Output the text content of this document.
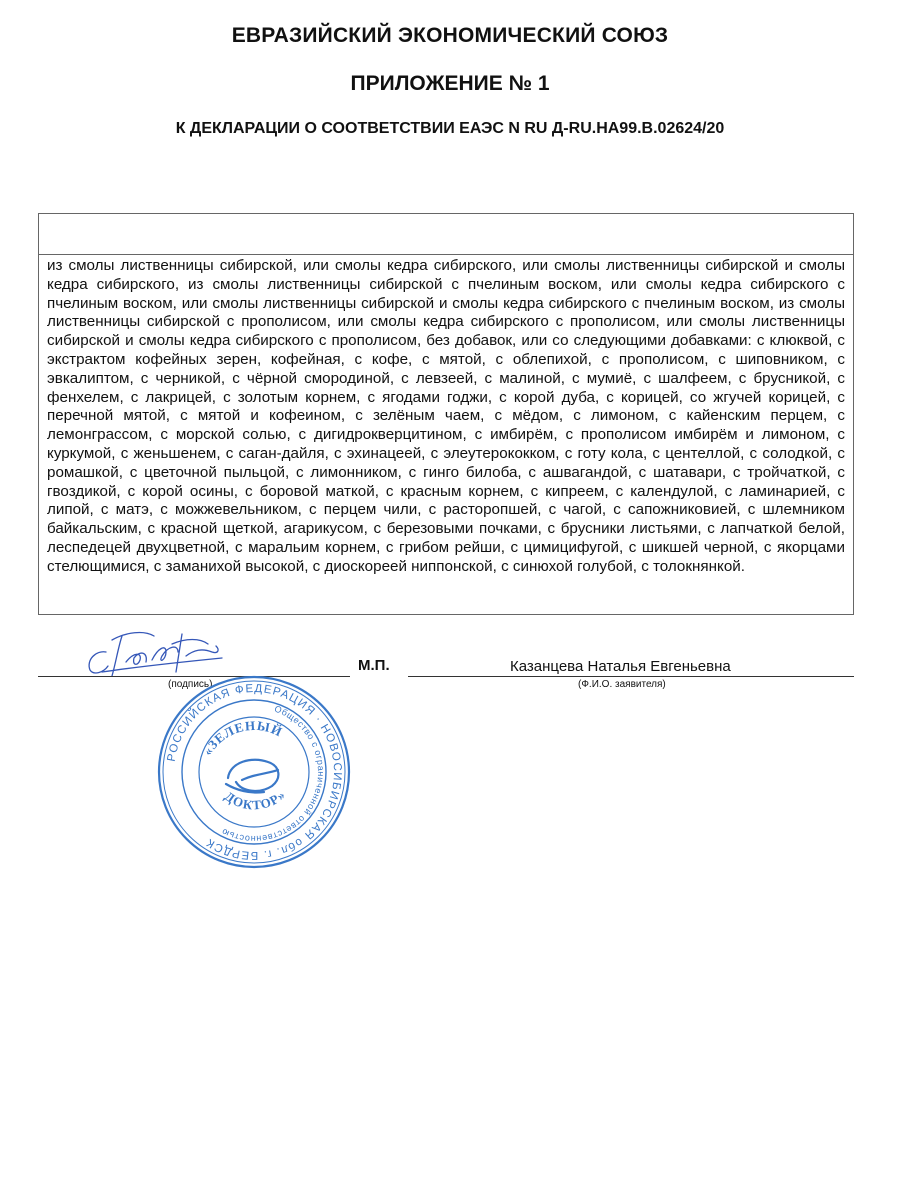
ЕВРАЗИЙСКИЙ ЭКОНОМИЧЕСКИЙ СОЮЗ
ПРИЛОЖЕНИЕ № 1
К ДЕКЛАРАЦИИ О СООТВЕТСТВИИ ЕАЭС N RU Д-RU.НА99.В.02624/20
из смолы лиственницы сибирской, или смолы кедра сибирского, или смолы лиственницы сибирской и смолы кедра сибирского, из смолы лиственницы сибирской с пчелиным воском, или смолы кедра сибирского с пчелиным воском, или смолы лиственницы сибирской и смолы кедра сибирского с пчелиным воском, из смолы лиственницы сибирской с прополисом, или смолы кедра сибирского с прополисом, или смолы лиственницы сибирской и смолы кедра сибирского с прополисом, без добавок, или со следующими добавками: с клюквой, с экстрактом кофейных зерен, кофейная, с кофе, с мятой, с облепихой, с прополисом, с шиповником, с эвкалиптом, с черникой, с чёрной смородиной, с левзеей, с малиной, с мумиё, с шалфеем, с брусникой, с фенхелем, с лакрицей, с золотым корнем, с ягодами годжи, с корой дуба, с корицей, со жгучей корицей, с перечной мятой, с мятой и кофеином, с зелёным чаем, с мёдом, с лимоном, с кайенским перцем, с лемонграссом, с морской солью, с дигидрокверцитином, с имбирём, с прополисом имбирём и лимоном, с куркумой, с женьшенем, с саган-дайля, с эхинацеей, с элеутерококком, с готу кола, с центеллой, с солодкой, с ромашкой, с цветочной пыльцой, с лимонником, с гинго билоба, с ашвагандой, с шатавари, с тройчаткой, с гвоздикой, с корой осины, с боровой маткой, с красным корнем, с кипреем, с календулой, с ламинарией, с липой, с матэ, с можжевельником, с перцем чили, с расторопшей, с чагой, с сапожниковией, с шлемником байкальским, с красной щеткой, агарикусом, с березовыми почками, с брусники листьями, с лапчаткой белой, леспедецей двухцветной, с маральим корнем, с грибом рейши, с цимицифугой, с шикшей черной, с якорцами стелющимися, с заманихой высокой, с диоскореей ниппонской, с синюхой голубой, с толокнянкой.
(подпись)
М.П.	Казанцева Наталья Евгеньевна
(Ф.И.О. заявителя)
РОССИЙСКАЯ ФЕДЕРАЦИЯ · НОВОСИБИРСКАЯ обл. г. БЕРДСК
Общество с ограниченной ответственностью
«ЗЕЛЕНЫЙ
ДОКТОР»
